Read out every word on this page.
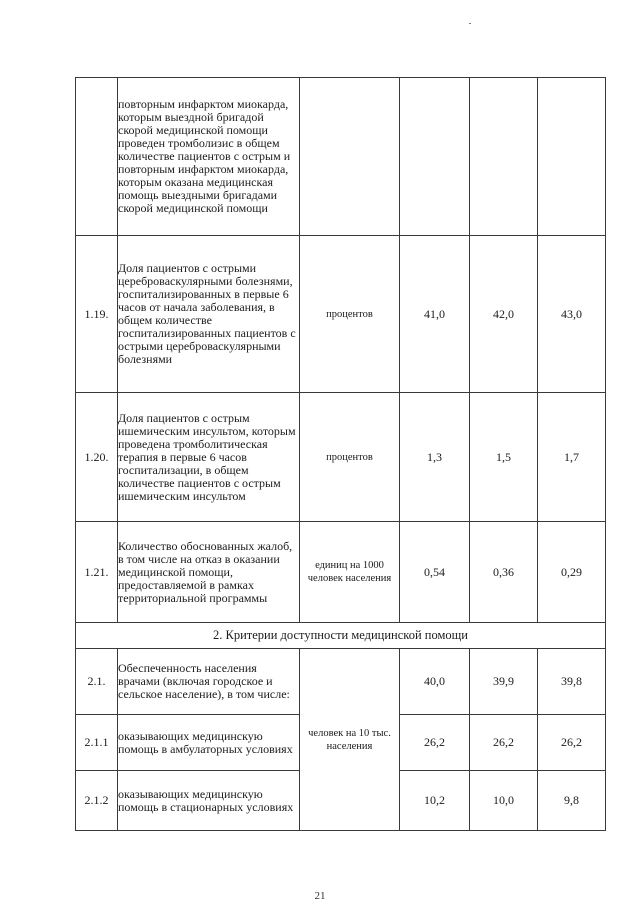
	повторным инфарктом миокарда, которым выездной бригадой скорой медицинской помощи проведен тромболизис в общем количестве пациентов с острым и повторным инфарктом миокарда, которым оказана медицинская помощь выездными бригадами скорой медицинской помощи				
1.19.	Доля пациентов с острыми цереброваскулярными болезнями, госпитализированных в первые 6 часов от начала заболевания, в общем количестве госпитализированных пациентов с острыми цереброваскулярными болезнями	процентов	41,0	42,0	43,0
1.20.	Доля пациентов с острым ишемическим инсультом, которым проведена тромболитическая терапия в первые 6 часов госпитализации, в общем количестве пациентов с острым ишемическим инсультом	процентов	1,3	1,5	1,7
1.21.	Количество обоснованных жалоб, в том числе на отказ в оказании медицинской помощи, предоставляемой в рамках территориальной программы	единиц на 1000 человек населения	0,54	0,36	0,29
2. Критерии доступности медицинской помощи					
2.1.	Обеспеченность населения врачами (включая городское и сельское население), в том числе:	человек на 10 тыс. населения	40,0	39,9	39,8
2.1.1	оказывающих медицинскую помощь в амбулаторных условиях		26,2	26,2	26,2
2.1.2	оказывающих медицинскую помощь в стационарных условиях		10,2	10,0	9,8
21
